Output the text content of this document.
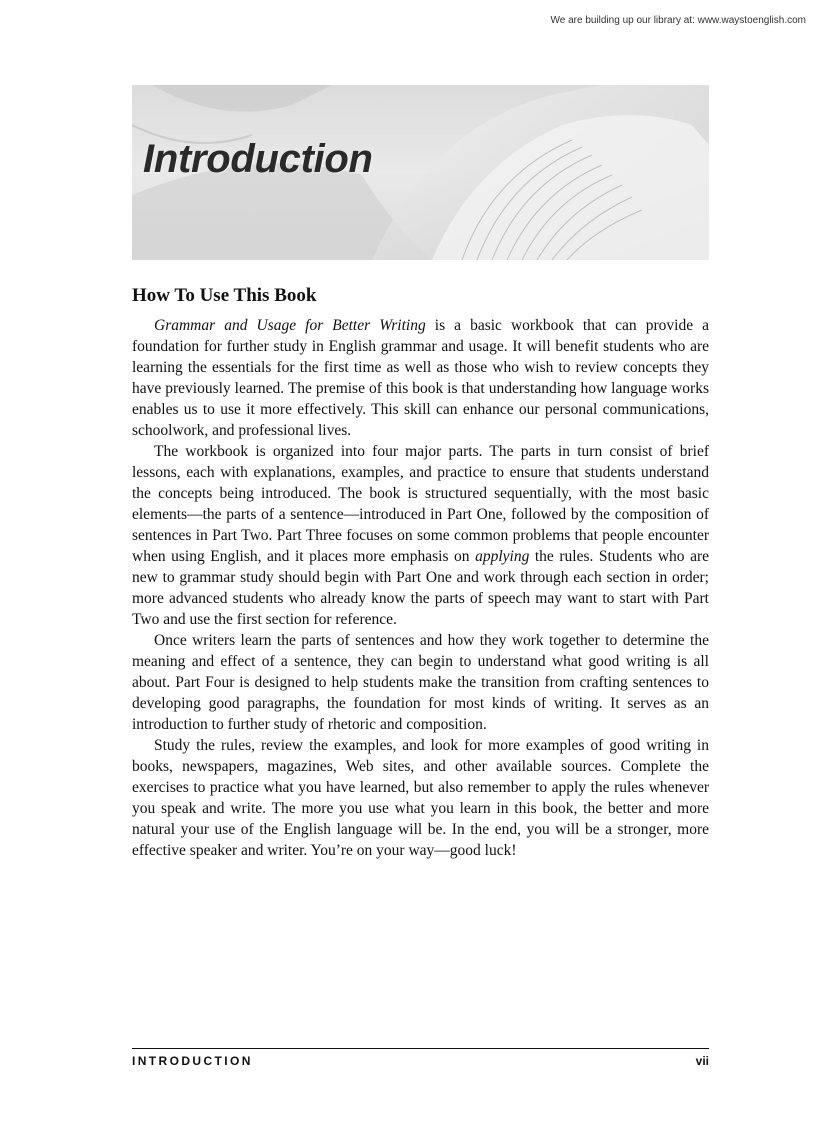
We are building up our library at: www.waystoenglish.com
Introduction
How To Use This Book

Grammar and Usage for Better Writing is a basic workbook that can provide a foundation for further study in English grammar and usage. It will benefit students who are learning the essentials for the first time as well as those who wish to review concepts they have previously learned. The premise of this book is that understanding how language works enables us to use it more effectively. This skill can enhance our personal communications, schoolwork, and professional lives.

The workbook is organized into four major parts. The parts in turn consist of brief lessons, each with explanations, examples, and practice to ensure that students understand the concepts being introduced. The book is structured sequentially, with the most basic elements—the parts of a sentence—introduced in Part One, followed by the composition of sentences in Part Two. Part Three focuses on some common problems that people encounter when using English, and it places more emphasis on applying the rules. Students who are new to grammar study should begin with Part One and work through each section in order; more advanced students who already know the parts of speech may want to start with Part Two and use the first section for reference.

Once writers learn the parts of sentences and how they work together to determine the meaning and effect of a sentence, they can begin to understand what good writing is all about. Part Four is designed to help students make the transition from crafting sentences to developing good paragraphs, the foundation for most kinds of writing. It serves as an introduction to further study of rhetoric and composition.

Study the rules, review the examples, and look for more examples of good writing in books, newspapers, magazines, Web sites, and other available sources. Complete the exercises to practice what you have learned, but also remember to apply the rules whenever you speak and write. The more you use what you learn in this book, the better and more natural your use of the English language will be. In the end, you will be a stronger, more effective speaker and writer. You’re on your way—good luck!

INTRODUCTION	vii
